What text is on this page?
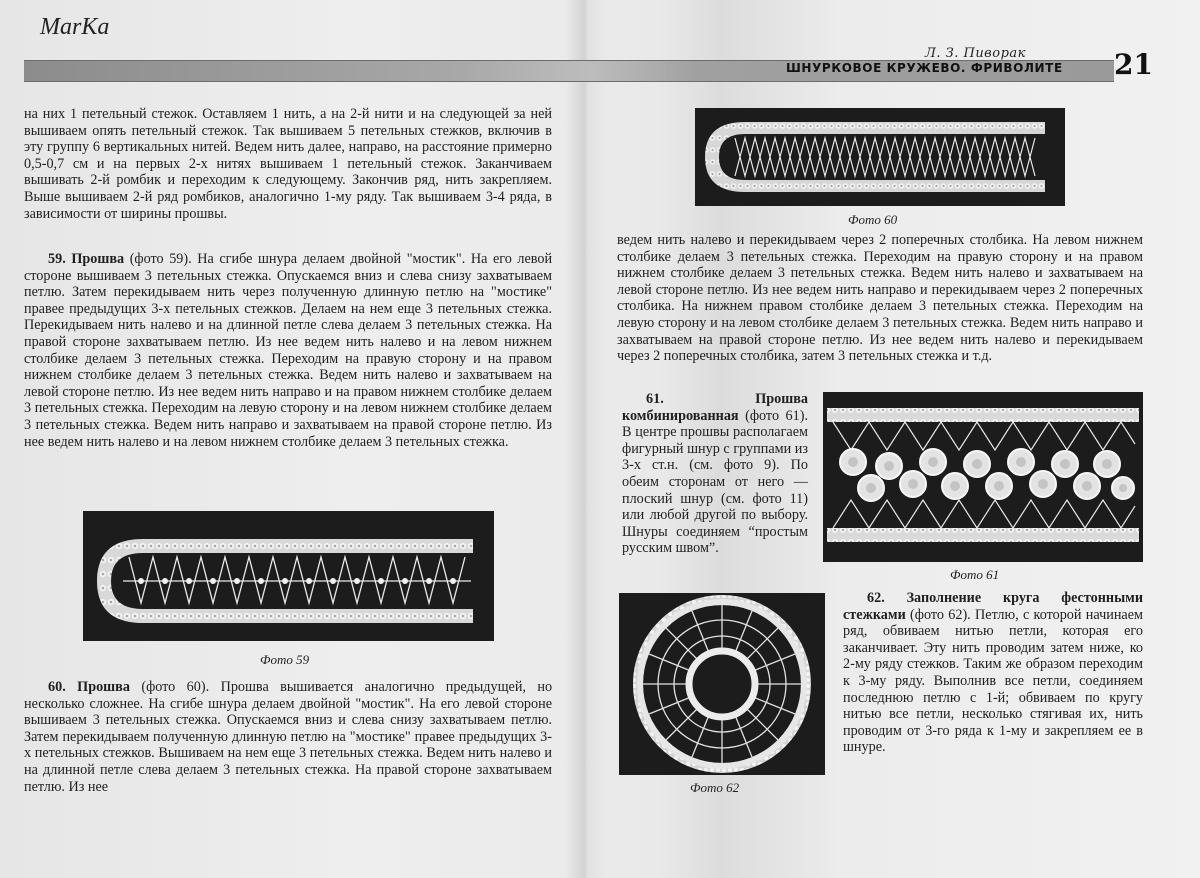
MarKa
Л. З. Пиворак
ШНУРКОВОЕ КРУЖЕВО. ФРИВОЛИТЕ 21

на них 1 петельный стежок. Оставляем 1 нить, а на 2-й нити и на следующей за ней вышиваем опять петельный стежок. Так вышиваем 5 петельных стежков, включив в эту группу 6 вертикальных нитей. Ведем нить далее, направо, на расстояние примерно 0,5-0,7 см и на первых 2-х нитях вышиваем 1 петельный стежок. Заканчиваем вышивать 2-й ромбик и переходим к следующему. Закончив ряд, нить закрепляем. Выше вышиваем 2-й ряд ромбиков, аналогично 1-му ряду. Так вышиваем 3-4 ряда, в зависимости от ширины прошвы.

59. Прошва (фото 59). На сгибе шнура делаем двойной "мостик". На его левой стороне вышиваем 3 петельных стежка. Опускаемся вниз и слева снизу захватываем петлю. Затем перекидываем нить через полученную длинную петлю на "мостике" правее предыдущих 3-х петельных стежков. Делаем на нем еще 3 петельных стежка. Перекидываем нить налево и на длинной петле слева делаем 3 петельных стежка. На правой стороне захватываем петлю. Из нее ведем нить налево и на левом нижнем столбике делаем 3 петельных стежка. Переходим на правую сторону и на правом нижнем столбике делаем 3 петельных стежка. Ведем нить налево и захватываем на левой стороне петлю. Из нее ведем нить направо и на правом нижнем столбике делаем 3 петельных стежка. Переходим на левую сторону и на левом нижнем столбике делаем 3 петельных стежка. Ведем нить направо и захватываем на правой стороне петлю. Из нее ведем нить налево и на левом нижнем столбике делаем 3 петельных стежка.

Фото 59

60. Прошва (фото 60). Прошва вышивается аналогично предыдущей, но несколько сложнее. На сгибе шнура делаем двойной "мостик". На его левой стороне вышиваем 3 петельных стежка. Опускаемся вниз и слева снизу захватываем петлю. Затем перекидываем полученную длинную петлю на "мостике" правее предыдущих 3-х петельных стежков. Вышиваем на нем еще 3 петельных стежка. Ведем нить налево и на длинной петле слева делаем 3 петельных стежка. На правой стороне захватываем петлю. Из нее

Фото 60

ведем нить налево и перекидываем через 2 поперечных столбика. На левом нижнем столбике делаем 3 петельных стежка. Переходим на правую сторону и на правом нижнем столбике делаем 3 петельных стежка. Ведем нить налево и захватываем на левой стороне петлю. Из нее ведем нить направо и перекидываем через 2 поперечных столбика. На нижнем правом столбике делаем 3 петельных стежка. Переходим на левую сторону и на левом столбике делаем 3 петельных стежка. Ведем нить направо и захватываем на правой стороне петлю. Из нее ведем нить налево и перекидываем через 2 поперечных столбика, затем 3 петельных стежка и т.д.

61.	Прошва комбинированная (фото 61). В центре прошвы располагаем фигурный шнур с группами из 3-х ст.н. (см. фото 9). По обеим сторонам от него — плоский шнур (см. фото 11) или любой другой по выбору. Шнуры соединяем “простым русским швом”.

Фото 61
Фото 62

62. Заполнение круга фестонными стежками (фото 62). Петлю, с которой начинаем ряд, обвиваем нитью петли, которая его заканчивает. Эту нить проводим затем ниже, ко 2-му ряду стежков. Таким же образом переходим к 3-му ряду. Выполнив все петли, соединяем последнюю петлю с 1-й; обвиваем по кругу нитью все петли, несколько стягивая их, нить проводим от 3-го ряда к 1-му и закрепляем ее в шнуре.
